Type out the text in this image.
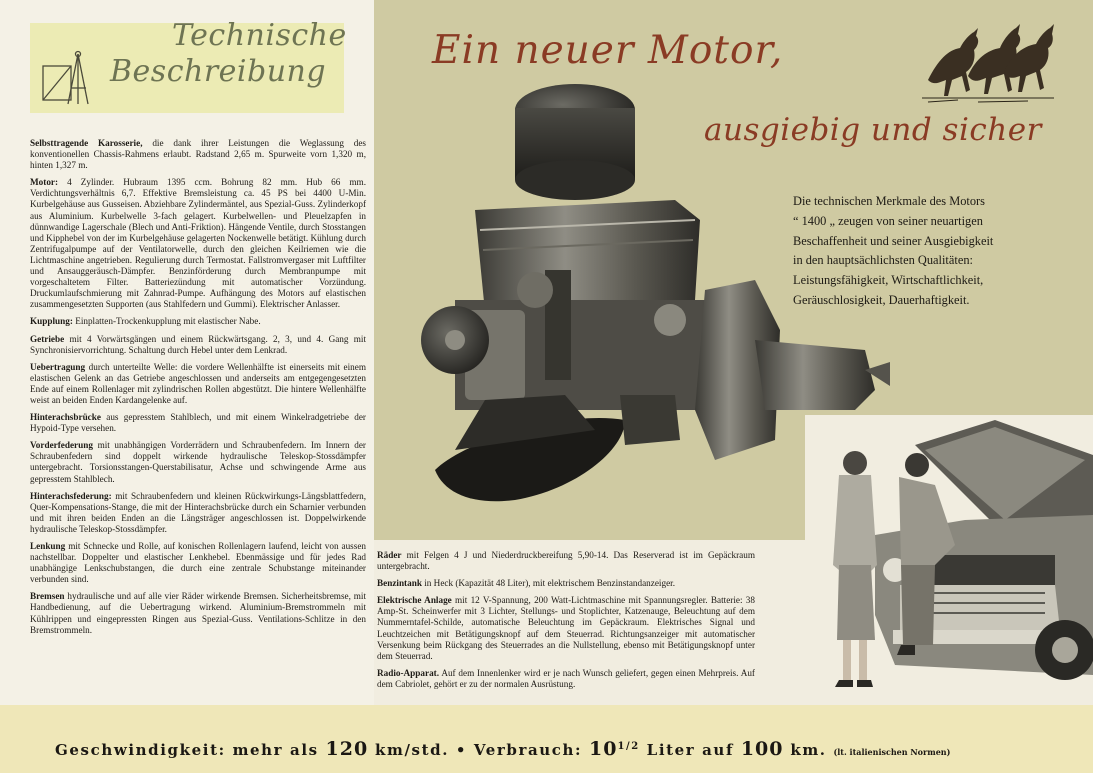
Technische
Beschreibung

Selbsttragende Karosserie, die dank ihrer Leistungen die Weglassung des konventionellen Chassis-Rahmens erlaubt. Radstand 2,65 m. Spurweite vorn 1,320 m, hinten 1,327 m.

Motor: 4 Zylinder. Hubraum 1395 ccm. Bohrung 82 mm. Hub 66 mm. Verdichtungsverhältnis 6,7. Effektive Bremsleistung ca. 45 PS bei 4400 U-Min. Kurbelgehäuse aus Gusseisen. Abziehbare Zylindermäntel, aus Spezial-Guss. Zylinderkopf aus Aluminium. Kurbelwelle 3-fach gelagert. Kurbelwellen- und Pleuelzapfen in dünnwandige Lagerschale (Blech und Anti-Friktion). Hängende Ventile, durch Stosstangen und Kipphebel von der im Kurbelgehäuse gelagerten Nockenwelle betätigt. Kühlung durch Zentrifugalpumpe auf der Ventilatorwelle, durch den gleichen Keilriemen wie die Lichtmaschine angetrieben. Regulierung durch Termostat. Fallstromvergaser mit Luftfilter und Ansauggeräusch-Dämpfer. Benzinförderung durch Membranpumpe mit vorgeschaltetem Filter. Batteriezündung mit automatischer Vorzündung. Druckumlaufschmierung mit Zahnrad-Pumpe. Aufhängung des Motors auf elastischen zusammengesetzten Supporten (aus Stahlfedern und Gummi). Elektrischer Anlasser.

Kupplung: Einplatten-Trockenkupplung mit elastischer Nabe.

Getriebe mit 4 Vorwärtsgängen und einem Rückwärtsgang. 2, 3, und 4. Gang mit Synchronisiervorrichtung. Schaltung durch Hebel unter dem Lenkrad.

Uebertragung durch unterteilte Welle: die vordere Wellenhälfte ist einerseits mit einem elastischen Gelenk an das Getriebe angeschlossen und anderseits am entgegengesetzten Ende auf einem Rollenlager mit zylindrischen Rollen abgestützt. Die hintere Wellenhälfte weist an beiden Enden Kardangelenke auf.

Hinterachsbrücke aus gepresstem Stahlblech, und mit einem Winkelradgetriebe der Hypoid-Type versehen.

Vorderfederung mit unabhängigen Vorderrädern und Schraubenfedern. Im Innern der Schraubenfedern sind doppelt wirkende hydraulische Teleskop-Stossdämpfer untergebracht. Torsionsstangen-Querstabilisatur, Achse und schwingende Arme aus gepresstem Stahlblech.

Hinterachsfederung: mit Schraubenfedern und kleinen Rückwirkungs-Längsblattfedern, Quer-Kompensations-Stange, die mit der Hinterachsbrücke durch ein Scharnier verbunden und mit ihren beiden Enden an die Längsträger angeschlossen ist. Doppelwirkende hydraulische Teleskop-Stossdämpfer.

Lenkung mit Schnecke und Rolle, auf konischen Rollenlagern laufend, leicht von aussen nachstellbar. Doppelter und elastischer Lenkhebel. Ebenmässige und für jedes Rad unabhängige Lenkschubstangen, die durch eine zentrale Schubstange miteinander verbunden sind.

Bremsen hydraulische und auf alle vier Räder wirkende Bremsen. Sicherheitsbremse, mit Handbedienung, auf die Uebertragung wirkend. Aluminium-Bremstrommeln mit Kühlrippen und eingepressten Ringen aus Spezial-Guss. Ventilations-Schlitze in den Bremstrommeln.

Ein neuer Motor,
ausgiebig und sicher
Die technischen Merkmale des Motors
“ 1400 „ zeugen von seiner neuartigen
Beschaffenheit und seiner Ausgiebigkeit
in den hauptsächlichsten Qualitäten:
Leistungsfähigkeit, Wirtschaftlichkeit,
Geräuschlosigkeit, Dauerhaftigkeit.

Räder mit Felgen 4 J und Niederdruckbereifung 5,90-14. Das Reserverad ist im Gepäckraum untergebracht.

Benzintank in Heck (Kapazität 48 Liter), mit elektrischem Benzinstandanzeiger.

Elektrische Anlage mit 12 V-Spannung, 200 Watt-Lichtmaschine mit Spannungsregler. Batterie: 38 Amp-St. Scheinwerfer mit 3 Lichter, Stellungs- und Stoplichter, Katzenauge, Beleuchtung auf dem Nummerntafel-Schilde, automatische Beleuchtung im Gepäckraum. Elektrisches Signal und Leuchtzeichen mit Betätigungsknopf auf dem Steuerrad. Richtungsanzeiger mit automatischer Versenkung beim Rückgang des Steuerrades an die Nullstellung, ebenso mit Betätigungsknopf unter dem Steuerrad.

Radio-Apparat. Auf dem Innenlenker wird er je nach Wunsch geliefert, gegen einen Mehrpreis. Auf dem Cabriolet, gehört er zu der normalen Ausrüstung.

Geschwindigkeit: mehr als 120 km/std. • Verbrauch: $10^{1/2}$ Liter auf 100 km. (lt. italienischen Normen)
